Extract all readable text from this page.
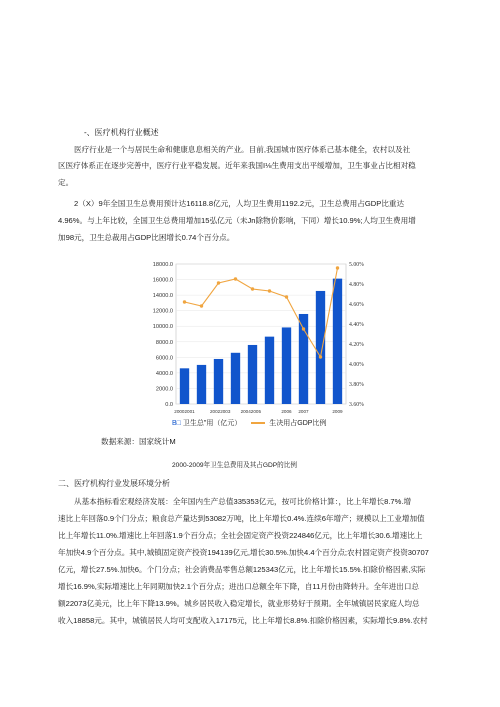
-、医疗机构行业概述
医疗行业是一个与居民生命和健康息息相关的产业。目前,我国城市医疗体系己基本健全，农村以及社
区医疗体系正在逐步完善中，医疗行业平稳发展。近年来我国I⅛生费用支出平缓增加，卫生事业占比相对稳
定。
2（X）9年全国卫生总费用预计达16118.8亿元，人均卫生费用1192.2元，卫生总费用占GDP比重达
4.96%。与上年比较，全国卫生总费用增加15弘亿元（未Jn除物价影响，下同）增长10.9%;人均卫生费用增
加98元，卫生总裁用占GDP比困增长0.74个百分点。
0.0
2000.0
4000.0
6000.0
8000.0
10000.0
12000.0
14000.0
16000.0
18000.0
3.60%
3.80%
4.00%
4.20%
4.40%
4.60%
4.80%
5.00%
20002001	20022003 20042005	2006 2007	2009
B□ 卫生总"用（亿元）	生决用占GDP比例
数据来源：国家统计M
2000-2009年卫生总费用及其占GDP的比例
二、医疗机构行业发展环境分析
从基本指标看宏观经济发展：全年国内生产总值335353亿元，按可比价格计算：，比上年增长8.7%.增
速比上年回落0.9个门分点；粮食总产量达到53082万吨，比上年增长0.4%.连续6年增产；规模以上工业增加值
比上年增长11.0%.增速比上年回落1.9个百分点；全社会固定资产投资224846亿元，比上年增长30.6.增速比上
年加快4.9个百分点。其中,城镇固定资产投资194139亿元,增长30.5%.加快4.4个百分点;农村固定资产投资30707
亿元，增长27.5%.加快6。个门分点；社会消费品零售总额125343亿元，比上年增长15.5%.扣除价格因素,实际
增长16.9%,实际增速比上年同期加快2.1个百分点；进出口总额全年下降，自11月份由降转升。全年进出口总
额22073亿美元，比上年下降13.9%。城乡居民收入稳定增长，就业形势好于预期。全年城镇居民家庭人均总
收入18858元。其中，城镇居民人均可支配收入17175元，比上年增长8.8%.扣除价格因素，实际增长9.8%.农村
